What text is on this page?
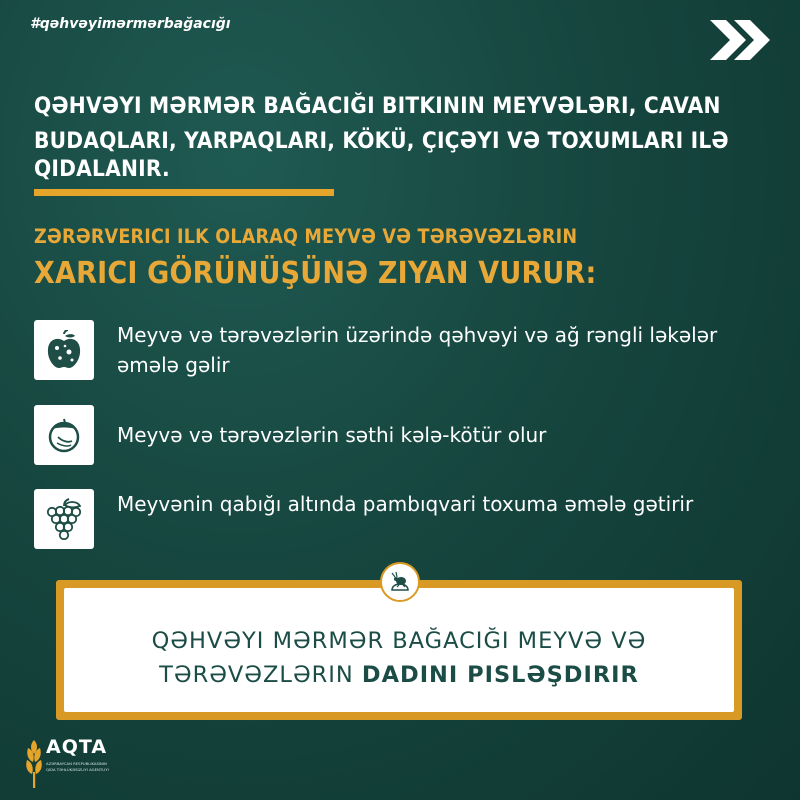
#qəhvəyimərmərbağacığı
QƏHVƏYI MƏRMƏR BAĞACIĞI BITKININ MEYVƏLƏRI, CAVAN
BUDAQLARI, YARPAQLARI, KÖKÜ, ÇIÇƏYI VƏ TOXUMLARI ILƏ QIDALANIR.
ZƏRƏRVERICI ILK OLARAQ MEYVƏ VƏ TƏRƏVƏZLƏRIN
XARICI GÖRÜNÜŞÜNƏ ZIYAN VURUR:
Meyvə və tərəvəzlərin üzərində qəhvəyi və ağ rəngli ləkələr əmələ gəlir
Meyvə və tərəvəzlərin səthi kələ-kötür olur
Meyvənin qabığı altında pambıqvari toxuma əmələ gətirir
QƏHVƏYI MƏRMƏR BAĞACIĞI MEYVƏ VƏ
TƏRƏVƏZLƏRIN DADINI PISLƏŞDIRIR
AQTA
AZƏRBAYCAN RESPUBLIKASININ QIDA TƏHLÜKƏSIZLIYI AGENTLIYI
